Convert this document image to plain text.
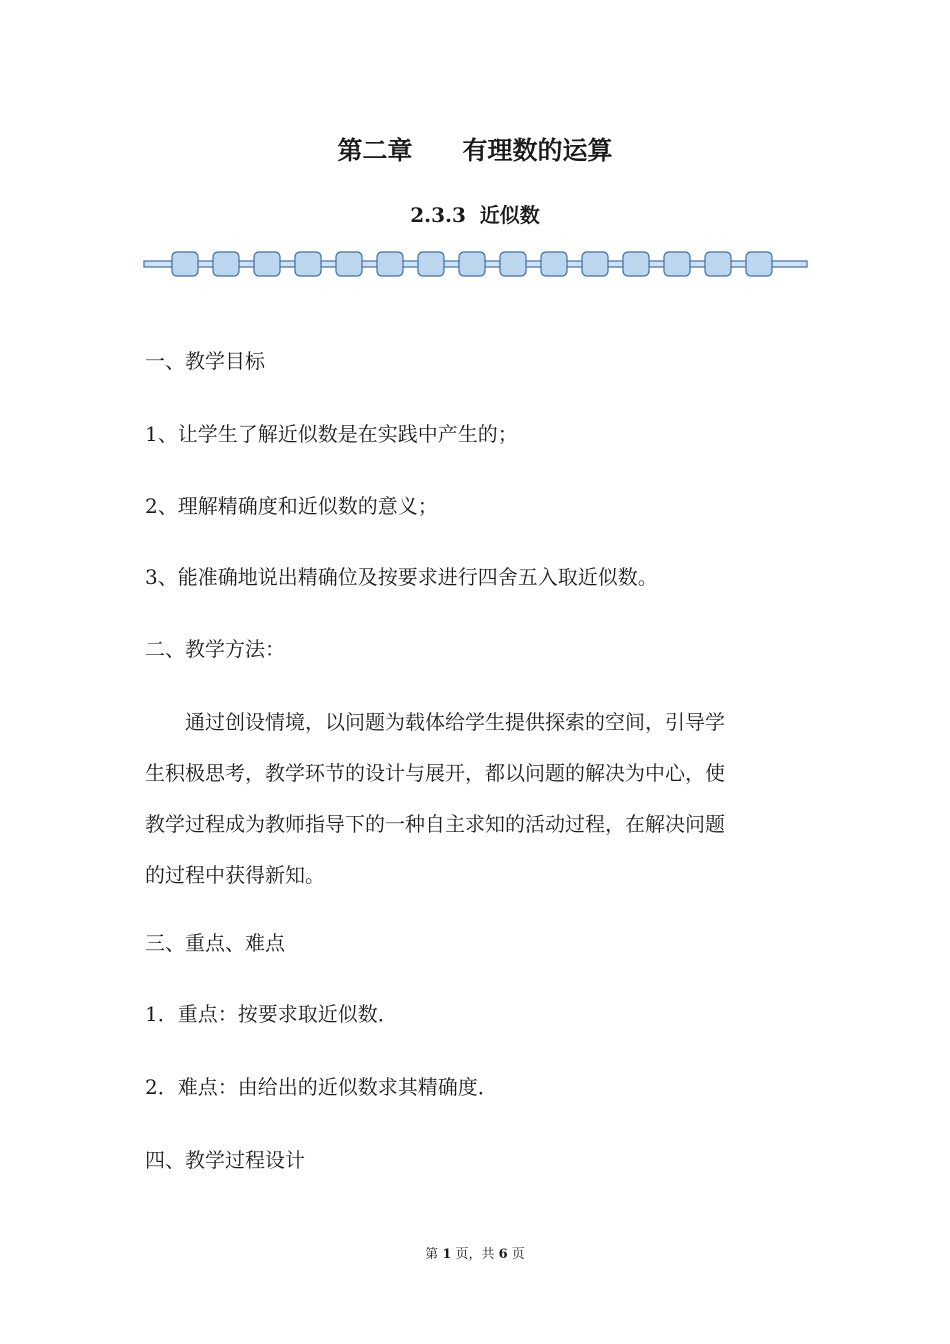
第二章　　有理数的运算
2.3.3  近似数
一、教学目标
1、让学生了解近似数是在实践中产生的；
2、理解精确度和近似数的意义；
3、能准确地说出精确位及按要求进行四舍五入取近似数。
二、教学方法：
通过创设情境，以问题为载体给学生提供探索的空间，引导学
生积极思考，教学环节的设计与展开，都以问题的解决为中心，使
教学过程成为教师指导下的一种自主求知的活动过程，在解决问题
的过程中获得新知。
三、重点、难点
1．重点：按要求取近似数．
2．难点：由给出的近似数求其精确度．
四、教学过程设计
第 1 页，共 6 页
